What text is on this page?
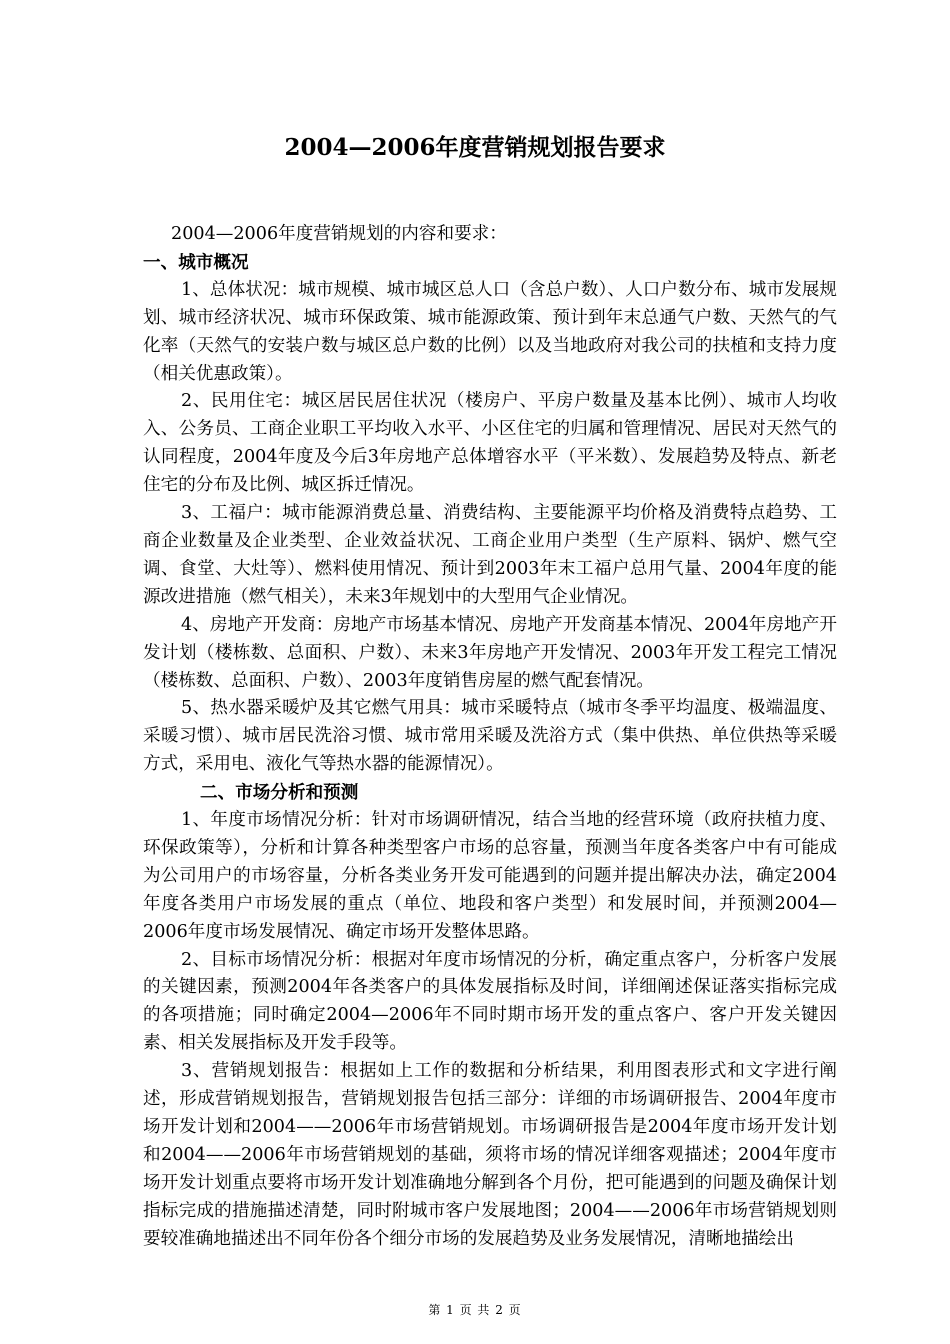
2004—2006年度营销规划报告要求

2004—2006年度营销规划的内容和要求：

一、城市概况

1、总体状况：城市规模、城市城区总人口（含总户数）、人口户数分布、城市发展规划、城市经济状况、城市环保政策、城市能源政策、预计到年末总通气户数、天然气的气化率（天然气的安装户数与城区总户数的比例）以及当地政府对我公司的扶植和支持力度（相关优惠政策）。

2、民用住宅：城区居民居住状况（楼房户、平房户数量及基本比例）、城市人均收入、公务员、工商企业职工平均收入水平、小区住宅的归属和管理情况、居民对天然气的认同程度，2004年度及今后3年房地产总体增容水平（平米数）、发展趋势及特点、新老住宅的分布及比例、城区拆迁情况。

3、工福户：城市能源消费总量、消费结构、主要能源平均价格及消费特点趋势、工商企业数量及企业类型、企业效益状况、工商企业用户类型（生产原料、锅炉、燃气空调、食堂、大灶等）、燃料使用情况、预计到2003年末工福户总用气量、2004年度的能源改进措施（燃气相关），未来3年规划中的大型用气企业情况。

4、房地产开发商：房地产市场基本情况、房地产开发商基本情况、2004年房地产开发计划（楼栋数、总面积、户数）、未来3年房地产开发情况、2003年开发工程完工情况（楼栋数、总面积、户数）、2003年度销售房屋的燃气配套情况。

5、热水器采暖炉及其它燃气用具：城市采暖特点（城市冬季平均温度、极端温度、采暖习惯）、城市居民洗浴习惯、城市常用采暖及洗浴方式（集中供热、单位供热等采暖方式，采用电、液化气等热水器的能源情况）。

二、市场分析和预测

1、年度市场情况分析：针对市场调研情况，结合当地的经营环境（政府扶植力度、环保政策等），分析和计算各种类型客户市场的总容量，预测当年度各类客户中有可能成为公司用户的市场容量，分析各类业务开发可能遇到的问题并提出解决办法，确定2004年度各类用户市场发展的重点（单位、地段和客户类型）和发展时间，并预测2004—2006年度市场发展情况、确定市场开发整体思路。

2、目标市场情况分析：根据对年度市场情况的分析，确定重点客户，分析客户发展的关键因素，预测2004年各类客户的具体发展指标及时间，详细阐述保证落实指标完成的各项措施；同时确定2004—2006年不同时期市场开发的重点客户、客户开发关键因素、相关发展指标及开发手段等。

3、营销规划报告：根据如上工作的数据和分析结果，利用图表形式和文字进行阐述，形成营销规划报告，营销规划报告包括三部分：详细的市场调研报告、2004年度市场开发计划和2004——2006年市场营销规划。市场调研报告是2004年度市场开发计划和2004——2006年市场营销规划的基础，须将市场的情况详细客观描述；2004年度市场开发计划重点要将市场开发计划准确地分解到各个月份，把可能遇到的问题及确保计划指标完成的措施描述清楚，同时附城市客户发展地图；2004——2006年市场营销规划则要较准确地描述出不同年份各个细分市场的发展趋势及业务发展情况，清晰地描绘出

第 1 页 共 2 页
